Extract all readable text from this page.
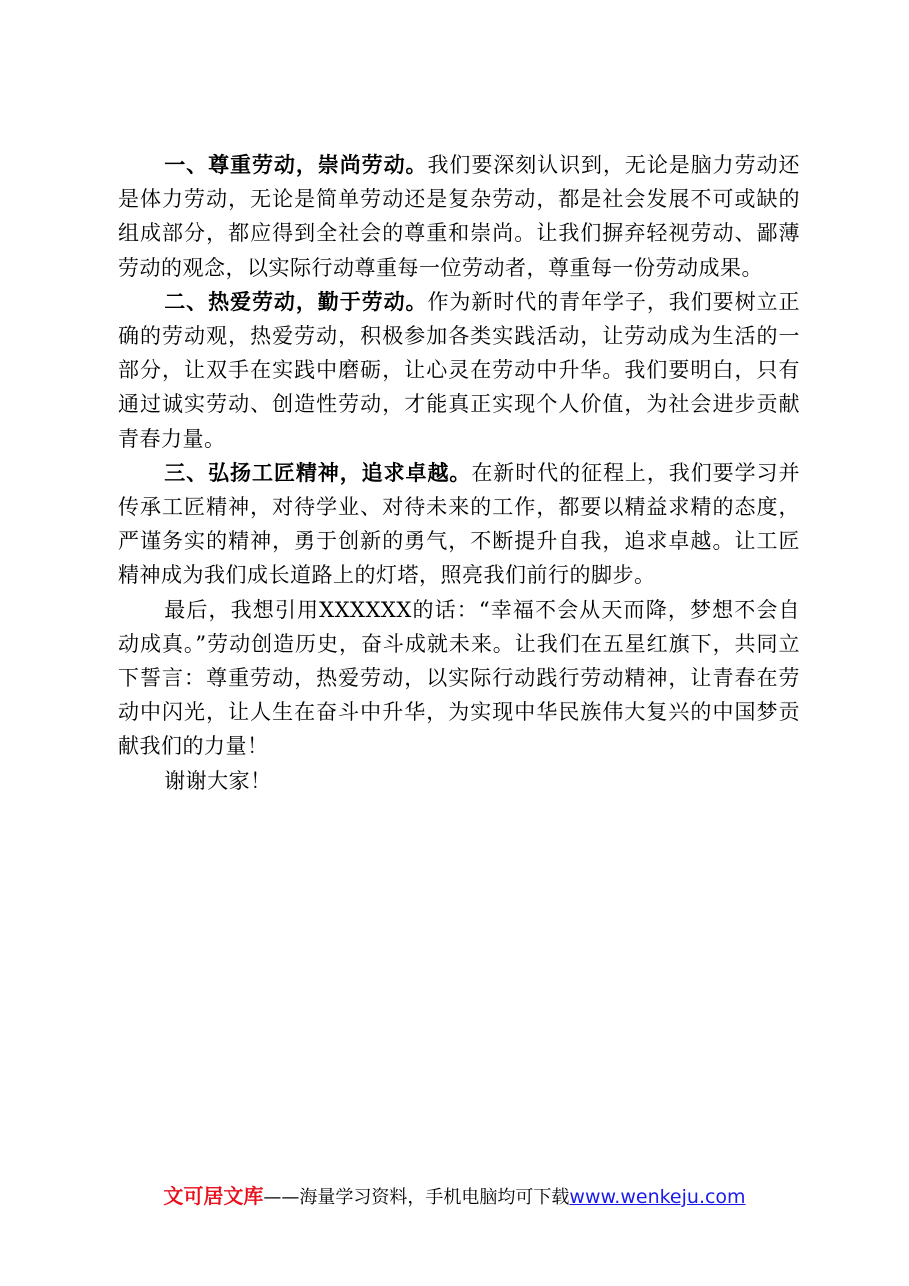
一、尊重劳动，崇尚劳动。我们要深刻认识到，无论是脑力劳动还是体力劳动，无论是简单劳动还是复杂劳动，都是社会发展不可或缺的组成部分，都应得到全社会的尊重和崇尚。让我们摒弃轻视劳动、鄙薄劳动的观念，以实际行动尊重每一位劳动者，尊重每一份劳动成果。

二、热爱劳动，勤于劳动。作为新时代的青年学子，我们要树立正确的劳动观，热爱劳动，积极参加各类实践活动，让劳动成为生活的一部分，让双手在实践中磨砺，让心灵在劳动中升华。我们要明白，只有通过诚实劳动、创造性劳动，才能真正实现个人价值，为社会进步贡献青春力量。

三、弘扬工匠精神，追求卓越。在新时代的征程上，我们要学习并传承工匠精神，对待学业、对待未来的工作，都要以精益求精的态度，严谨务实的精神，勇于创新的勇气，不断提升自我，追求卓越。让工匠精神成为我们成长道路上的灯塔，照亮我们前行的脚步。

最后，我想引用XXXXXX的话：“幸福不会从天而降，梦想不会自动成真。”劳动创造历史，奋斗成就未来。让我们在五星红旗下，共同立下誓言：尊重劳动，热爱劳动，以实际行动践行劳动精神，让青春在劳动中闪光，让人生在奋斗中升华，为实现中华民族伟大复兴的中国梦贡献我们的力量！

谢谢大家！

文可居文库——海量学习资料，手机电脑均可下载www.wenkeju.com
